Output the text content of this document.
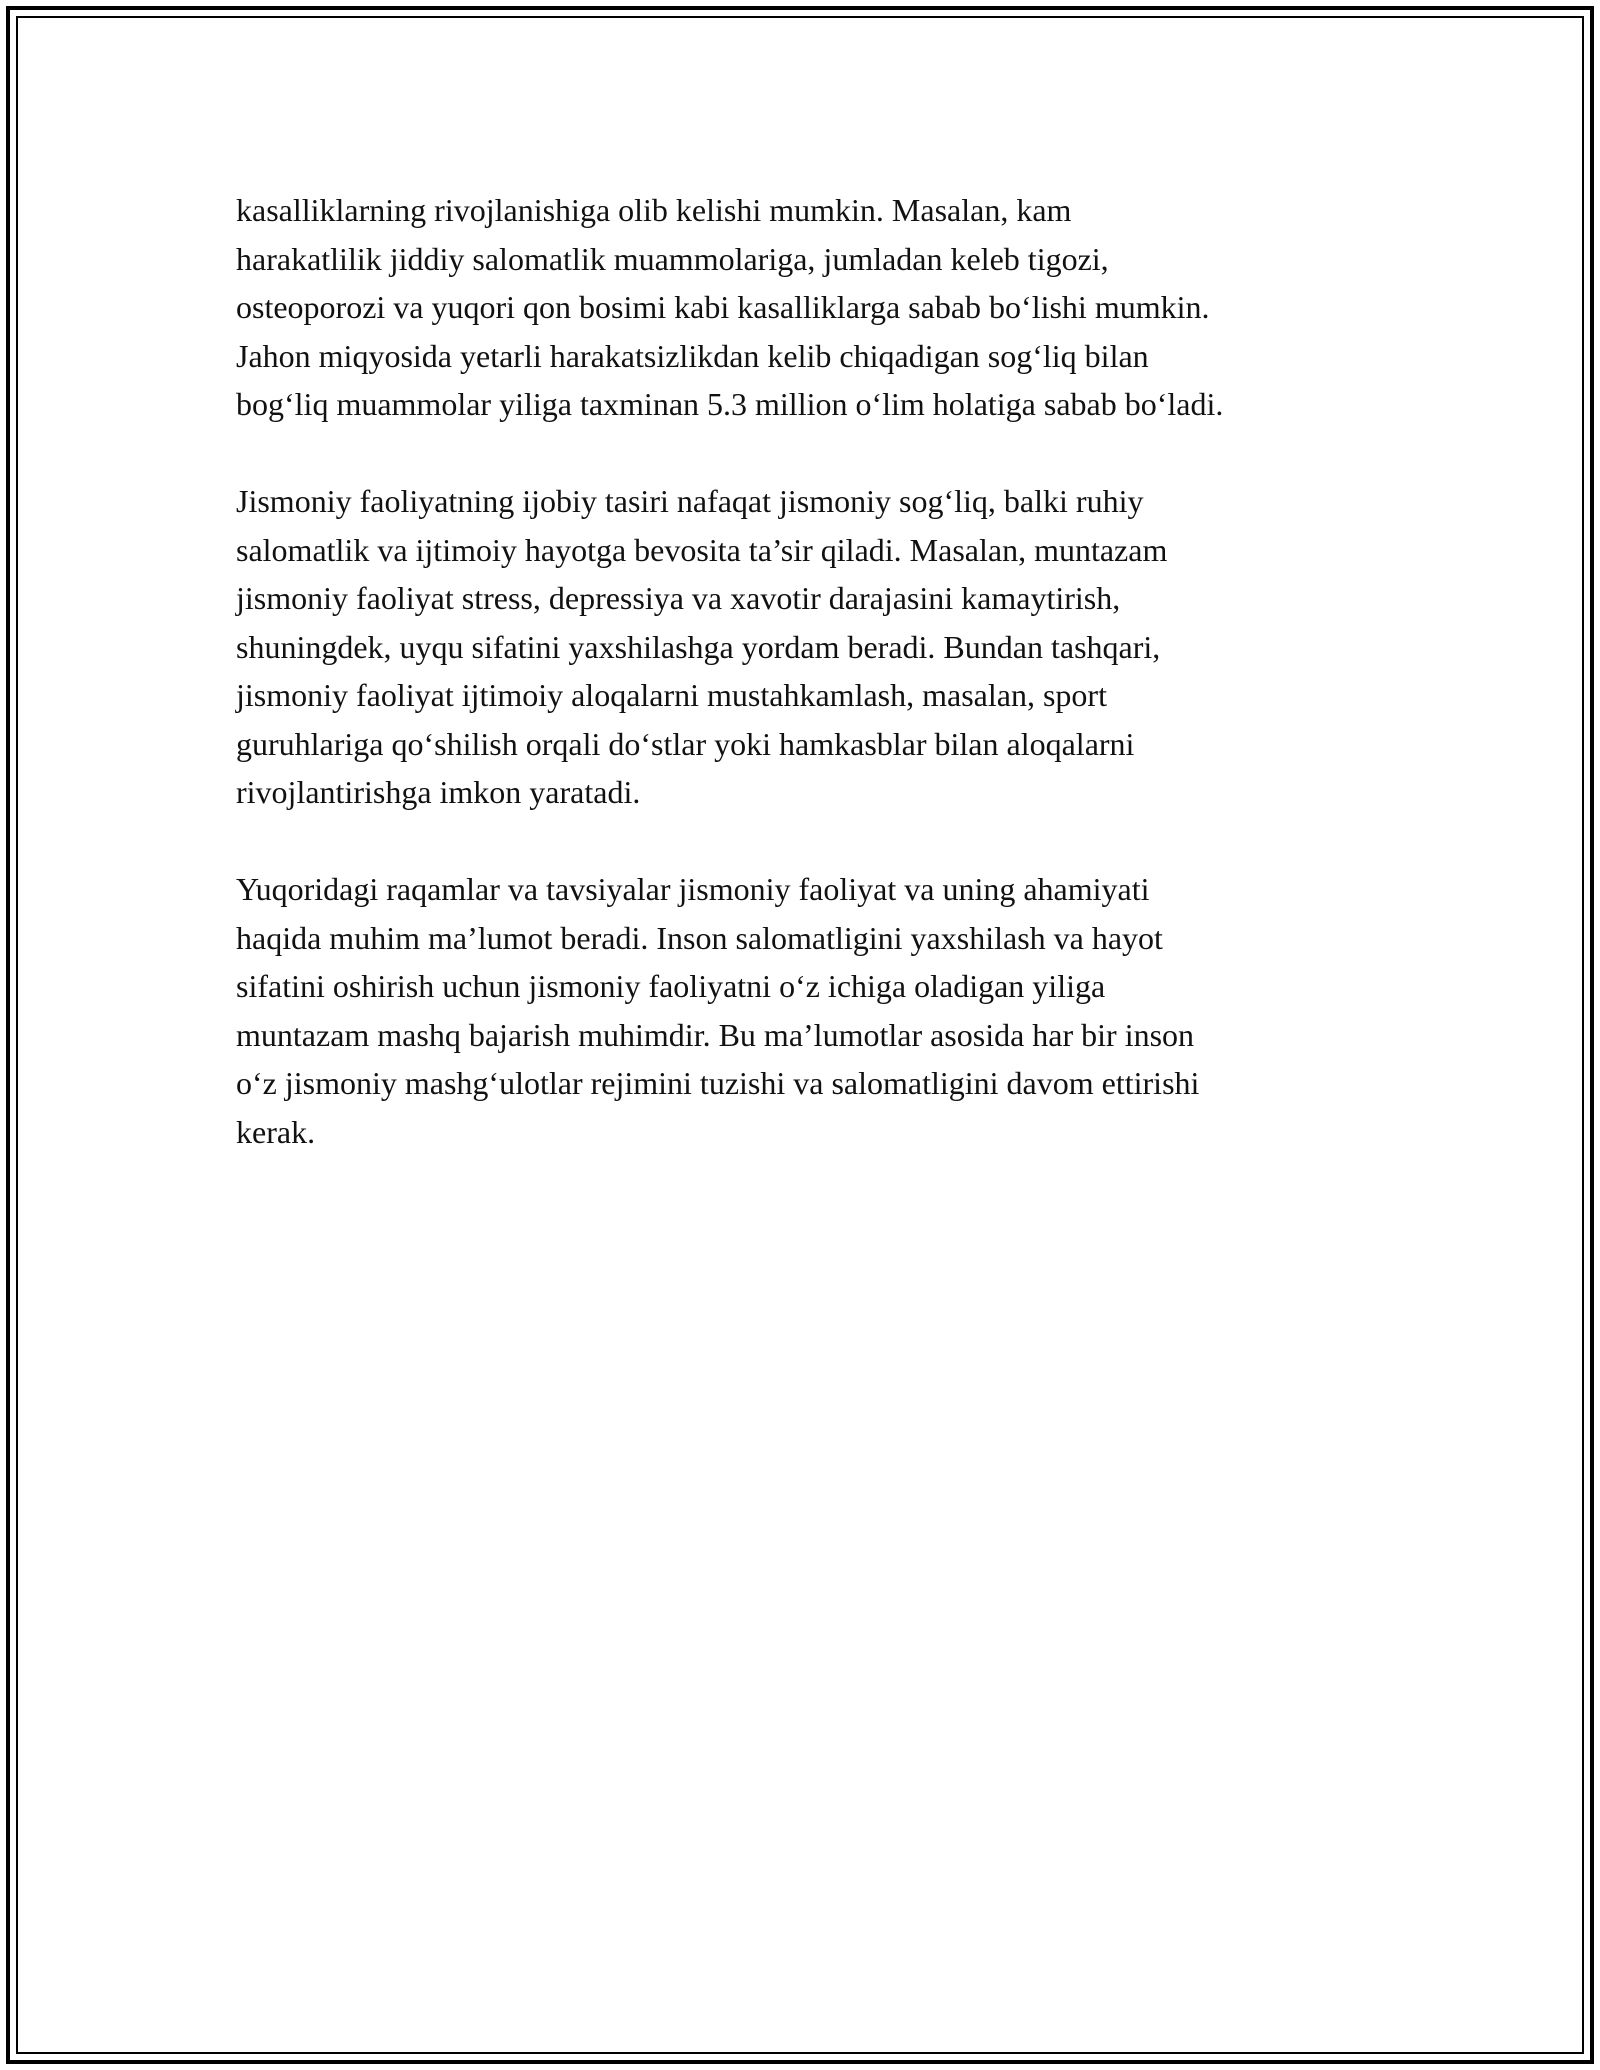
kasalliklarning rivojlanishiga olib kelishi mumkin. Masalan, kam
harakatlilik jiddiy salomatlik muammolariga, jumladan keleb tigozi,
osteoporozi va yuqori qon bosimi kabi kasalliklarga sabab bo‘lishi mumkin.
Jahon miqyosida yetarli harakatsizlikdan kelib chiqadigan sog‘liq bilan
bog‘liq muammolar yiliga taxminan 5.3 million o‘lim holatiga sabab bo‘ladi.

Jismoniy faoliyatning ijobiy tasiri nafaqat jismoniy sog‘liq, balki ruhiy
salomatlik va ijtimoiy hayotga bevosita ta’sir qiladi. Masalan, muntazam
jismoniy faoliyat stress, depressiya va xavotir darajasini kamaytirish,
shuningdek, uyqu sifatini yaxshilashga yordam beradi. Bundan tashqari,
jismoniy faoliyat ijtimoiy aloqalarni mustahkamlash, masalan, sport
guruhlariga qo‘shilish orqali do‘stlar yoki hamkasblar bilan aloqalarni
rivojlantirishga imkon yaratadi.

Yuqoridagi raqamlar va tavsiyalar jismoniy faoliyat va uning ahamiyati
haqida muhim ma’lumot beradi. Inson salomatligini yaxshilash va hayot
sifatini oshirish uchun jismoniy faoliyatni o‘z ichiga oladigan yiliga
muntazam mashq bajarish muhimdir. Bu ma’lumotlar asosida har bir inson
o‘z jismoniy mashg‘ulotlar rejimini tuzishi va salomatligini davom ettirishi
kerak.
